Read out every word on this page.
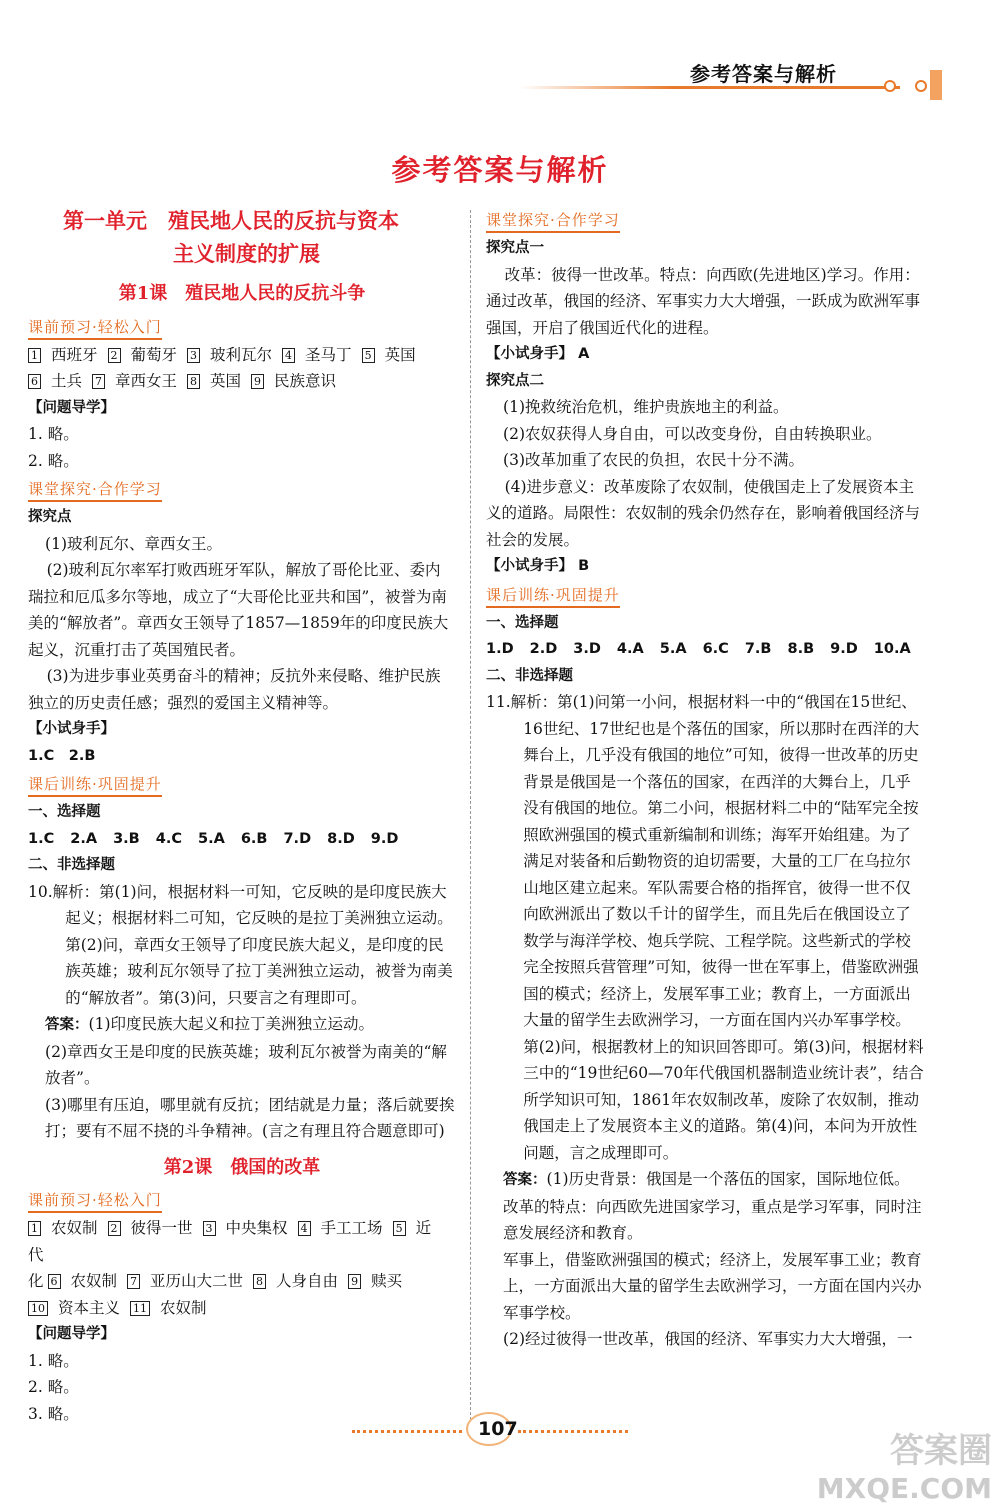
参考答案与解析
参考答案与解析
第一单元　殖民地人民的反抗与资本
主义制度的扩展
第1课　殖民地人民的反抗斗争
课前预习·轻松入门
1 西班牙 2 葡萄牙 3 玻利瓦尔 4 圣马丁 5 英国
6 土兵 7 章西女王 8 英国 9 民族意识
【问题导学】
1. 略。
2. 略。
课堂探究·合作学习
探究点

(1)玻利瓦尔、章西女王。

(2)玻利瓦尔率军打败西班牙军队，解放了哥伦比亚、委内瑞拉和厄瓜多尔等地，成立了“大哥伦比亚共和国”，被誉为南美的“解放者”。章西女王领导了1857—1859年的印度民族大起义，沉重打击了英国殖民者。

(3)为进步事业英勇奋斗的精神；反抗外来侵略、维护民族独立的历史责任感；强烈的爱国主义精神等。

【小试身手】
1.C　2.B
课后训练·巩固提升
一、选择题
1.C 2.A 3.B 4.C 5.A 6.B 7.D 8.D 9.D
二、非选择题

10.解析：第(1)问，根据材料一可知，它反映的是印度民族大起义；根据材料二可知，它反映的是拉丁美洲独立运动。第(2)问，章西女王领导了印度民族大起义，是印度的民族英雄；玻利瓦尔领导了拉丁美洲独立运动，被誉为南美的“解放者”。第(3)问，只要言之有理即可。

答案：(1)印度民族大起义和拉丁美洲独立运动。

(2)章西女王是印度的民族英雄；玻利瓦尔被誉为南美的“解放者”。

(3)哪里有压迫，哪里就有反抗；团结就是力量；落后就要挨打；要有不屈不挠的斗争精神。(言之有理且符合题意即可)

第2课　俄国的改革
课前预习·轻松入门
1 农奴制 2 彼得一世 3 中央集权 4 手工工场 5 近代
化 6 农奴制 7 亚历山大二世 8 人身自由 9 赎买
10 资本主义 11 农奴制
【问题导学】
1. 略。
2. 略。
3. 略。
课堂探究·合作学习
探究点一

改革：彼得一世改革。特点：向西欧(先进地区)学习。作用：通过改革，俄国的经济、军事实力大大增强，一跃成为欧洲军事强国，开启了俄国近代化的进程。

【小试身手】 A
探究点二

(1)挽救统治危机，维护贵族地主的利益。

(2)农奴获得人身自由，可以改变身份，自由转换职业。

(3)改革加重了农民的负担，农民十分不满。

(4)进步意义：改革废除了农奴制，使俄国走上了发展资本主义的道路。局限性：农奴制的残余仍然存在，影响着俄国经济与社会的发展。

【小试身手】 B
课后训练·巩固提升
一、选择题
1.D 2.D 3.D 4.A 5.A 6.C 7.B 8.B 9.D 10.A
二、非选择题

11.解析：第(1)问第一小问，根据材料一中的“俄国在15世纪、16世纪、17世纪也是个落伍的国家，所以那时在西洋的大舞台上，几乎没有俄国的地位”可知，彼得一世改革的历史背景是俄国是一个落伍的国家，在西洋的大舞台上，几乎没有俄国的地位。第二小问，根据材料二中的“陆军完全按照欧洲强国的模式重新编制和训练；海军开始组建。为了满足对装备和后勤物资的迫切需要，大量的工厂在乌拉尔山地区建立起来。军队需要合格的指挥官，彼得一世不仅向欧洲派出了数以千计的留学生，而且先后在俄国设立了数学与海洋学校、炮兵学院、工程学院。这些新式的学校完全按照兵营管理”可知，彼得一世在军事上，借鉴欧洲强国的模式；经济上，发展军事工业；教育上，一方面派出大量的留学生去欧洲学习，一方面在国内兴办军事学校。第(2)问，根据教材上的知识回答即可。第(3)问，根据材料三中的“19世纪60—70年代俄国机器制造业统计表”，结合所学知识可知，1861年农奴制改革，废除了农奴制，推动俄国走上了发展资本主义的道路。第(4)问，本问为开放性问题，言之成理即可。

答案：(1)历史背景：俄国是一个落伍的国家，国际地位低。

改革的特点：向西欧先进国家学习，重点是学习军事，同时注意发展经济和教育。

军事上，借鉴欧洲强国的模式；经济上，发展军事工业；教育上，一方面派出大量的留学生去欧洲学习，一方面在国内兴办军事学校。

(2)经过彼得一世改革，俄国的经济、军事实力大大增强，一

107
答案圈
MXQE.COM
